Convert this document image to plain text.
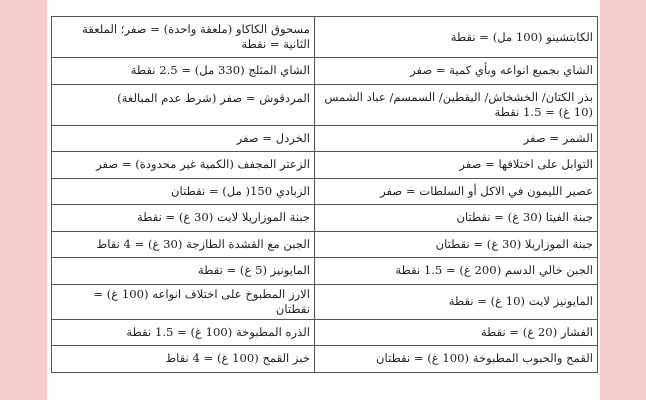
الكابتشينو (100 مل) = نقطة	مسحوق الكاكاو (ملعقة واحدة) = صفر؛ الملعقة الثانية = نقطة
الشاي بجميع انواعه وبأي كمية = صفر	الشاي المثلج (330 مل) = 2.5 نقطة
بذر الكتان/ الخشخاش/ اليقطين/ السمسم/ عباد الشمس (10 غ) = 1.5 نقطة	المردقوش = صفر (شرط عدم المبالغة)
الشمر = صفر	الخردل = صفر
التوابل على اختلافها = صفر	الزعتر المجفف (الكمية غير محدودة) = صفر
عصير الليمون في الاكل أو السلطات = صفر	الزبادي 150( مل) = نقطتان
جبنة الفيتا (30 غ) = نقطتان	جبنة الموزاريلا لايت (30 غ) = نقطة
جبنة الموزاريلا (30 غ) = نقطتان	الجبن مع القشدة الطازجة (30 غ) = 4 نقاط
الجبن خالي الدسم (200 غ) = 1.5 نقطة	المايونيز (5 غ) = نقطة
المايونيز لايت (10 غ) = نقطة	الارز المطبوخ على اختلاف انواعه (100 غ) = نقطتان
الفشار (20 غ) = نقطة	الذره المطبوخة (100 غ) = 1.5 نقطة
القمح والحبوب المطبوخة (100 غ) = نقطتان	خبز القمح (100 غ) = 4 نقاط
